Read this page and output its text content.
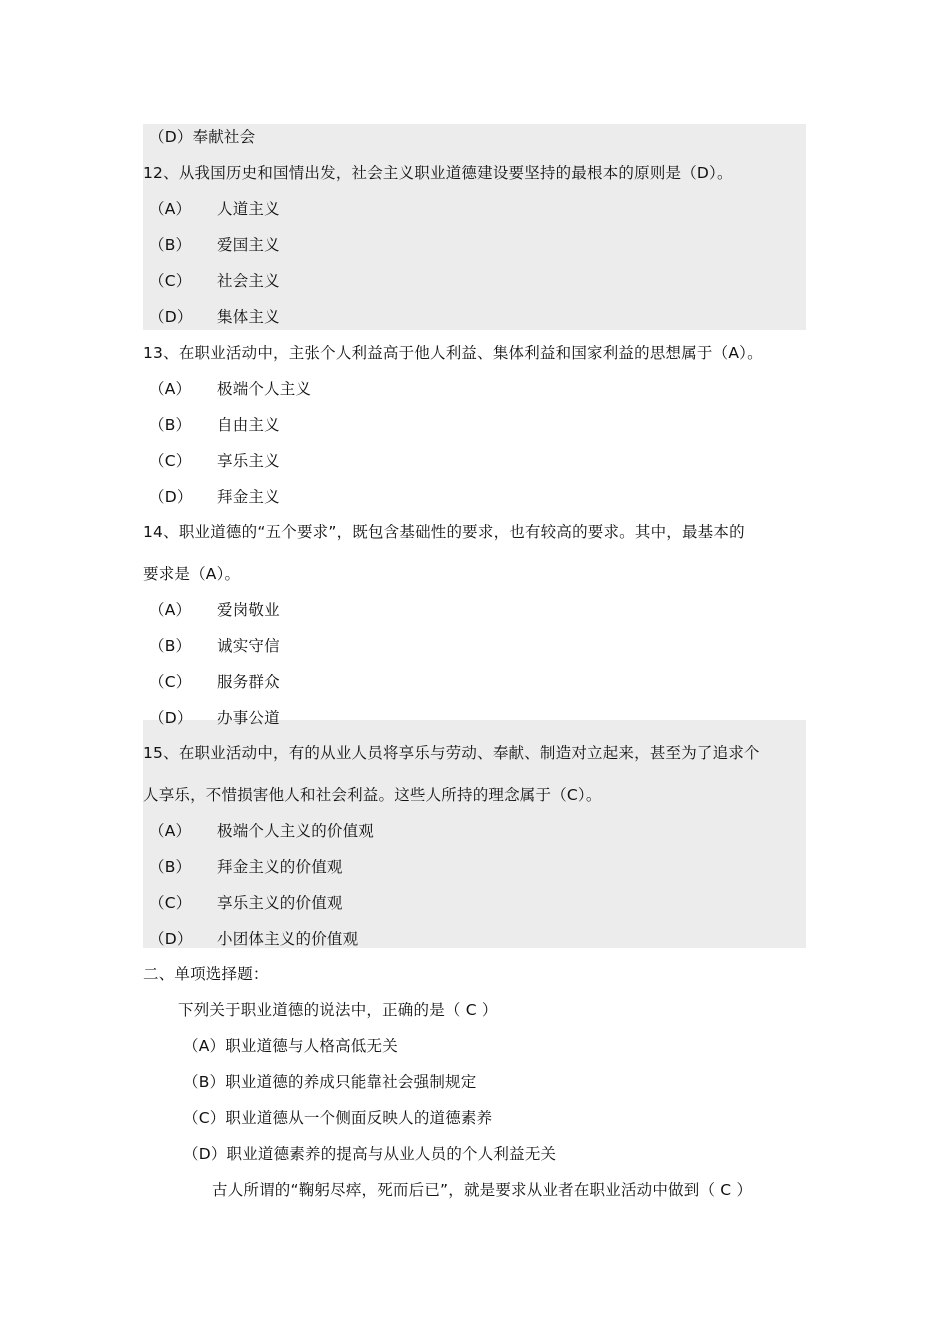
（D）奉献社会
12、从我国历史和国情出发，社会主义职业道德建设要坚持的最根本的原则是（D）。
（A） 人道主义
（B） 爱国主义
（C） 社会主义
（D） 集体主义
13、在职业活动中，主张个人利益高于他人利益、集体利益和国家利益的思想属于（A）。
（A） 极端个人主义
（B） 自由主义
（C） 享乐主义
（D） 拜金主义
14、职业道德的“五个要求”，既包含基础性的要求，也有较高的要求。其中，最基本的
要求是（A）。
（A） 爱岗敬业
（B） 诚实守信
（C） 服务群众
（D） 办事公道
15、在职业活动中，有的从业人员将享乐与劳动、奉献、制造对立起来，甚至为了追求个
人享乐，不惜损害他人和社会利益。这些人所持的理念属于（C）。
（A） 极端个人主义的价值观
（B） 拜金主义的价值观
（C） 享乐主义的价值观
（D） 小团体主义的价值观
二、单项选择题：
下列关于职业道德的说法中，正确的是（ C ）
（A）职业道德与人格高低无关
（B）职业道德的养成只能靠社会强制规定
（C）职业道德从一个侧面反映人的道德素养
（D）职业道德素养的提高与从业人员的个人利益无关
古人所谓的“鞠躬尽瘁，死而后已”，就是要求从业者在职业活动中做到（ C ）
